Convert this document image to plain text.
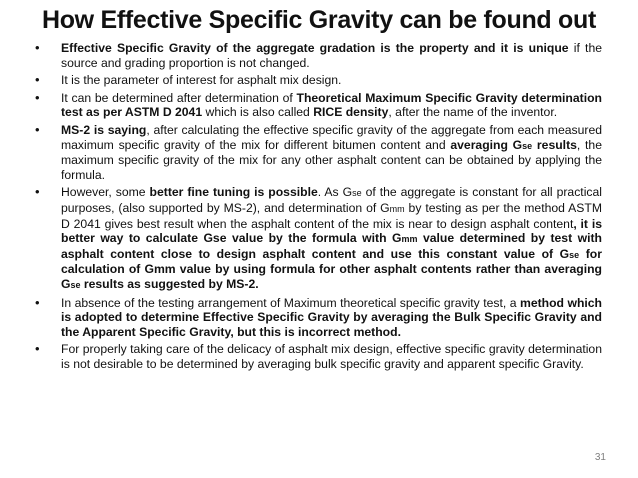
How Effective Specific Gravity can be found out
• Effective Specific Gravity of the aggregate gradation is the property and it is unique if the source and grading proportion is not changed.
• It is the parameter of interest for asphalt mix design.
• It can be determined after determination of Theoretical Maximum Specific Gravity determination test as per ASTM D 2041 which is also called RICE density, after the name of the inventor.
• MS-2 is saying, after calculating the effective specific gravity of the aggregate from each measured maximum specific gravity of the mix for different bitumen content and averaging Gse results, the maximum specific gravity of the mix for any other asphalt content can be obtained by applying the formula.
• However, some better fine tuning is possible. As Gse of the aggregate is constant for all practical purposes, (also supported by MS-2), and determination of Gmm by testing as per the method ASTM D 2041 gives best result when the asphalt content of the mix is near to design asphalt content, it is better way to calculate Gse value by the formula with Gmm value determined by test with asphalt content close to design asphalt content and use this constant value of Gse for calculation of Gmm value by using formula for other asphalt contents rather than averaging Gse results as suggested by MS-2.
• In absence of the testing arrangement of Maximum theoretical specific gravity test, a method which is adopted to determine Effective Specific Gravity by averaging the Bulk Specific Gravity and the Apparent Specific Gravity, but this is incorrect method.
• For properly taking care of the delicacy of asphalt mix design, effective specific gravity determination is not desirable to be determined by averaging bulk specific gravity and apparent specific Gravity.
31
